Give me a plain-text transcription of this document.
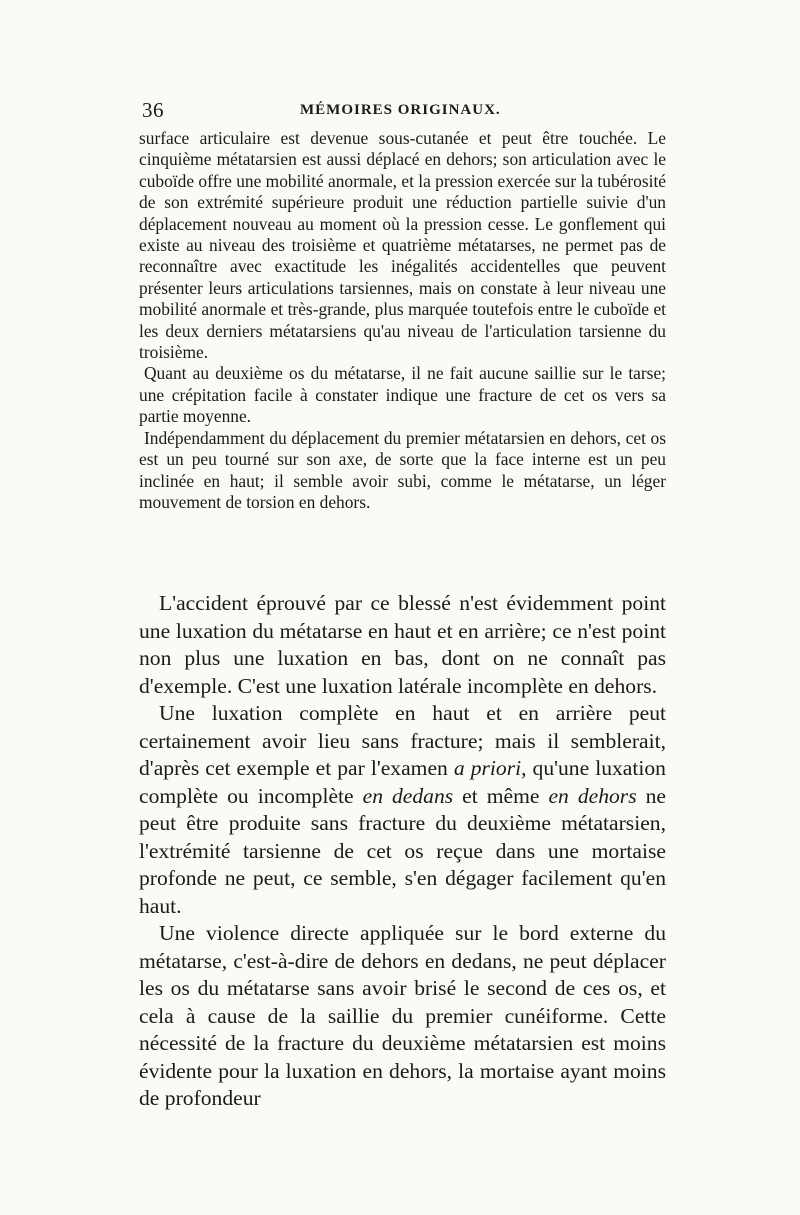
36	MÉMOIRES ORIGINAUX.

surface articulaire est devenue sous-cutanée et peut être touchée. Le cinquième métatarsien est aussi déplacé en dehors; son articulation avec le cuboïde offre une mobilité anormale, et la pression exercée sur la tubérosité de son extrémité supérieure produit une réduction partielle suivie d'un déplacement nouveau au moment où la pression cesse. Le gonflement qui existe au niveau des troisième et quatrième métatarses, ne permet pas de reconnaître avec exactitude les inégalités accidentelles que peuvent présenter leurs articulations tarsiennes, mais on constate à leur niveau une mobilité anormale et très-grande, plus marquée toutefois entre le cuboïde et les deux derniers métatarsiens qu'au niveau de l'articulation tarsienne du troisième.

Quant au deuxième os du métatarse, il ne fait aucune saillie sur le tarse; une crépitation facile à constater indique une fracture de cet os vers sa partie moyenne.

Indépendamment du déplacement du premier métatarsien en dehors, cet os est un peu tourné sur son axe, de sorte que la face interne est un peu inclinée en haut; il semble avoir subi, comme le métatarse, un léger mouvement de torsion en dehors.

L'accident éprouvé par ce blessé n'est évidemment point une luxation du métatarse en haut et en arrière; ce n'est point non plus une luxation en bas, dont on ne connaît pas d'exemple. C'est une luxation latérale incomplète en dehors.

Une luxation complète en haut et en arrière peut certainement avoir lieu sans fracture; mais il semblerait, d'après cet exemple et par l'examen a priori, qu'une luxation complète ou incomplète en dedans et même en dehors ne peut être produite sans fracture du deuxième métatarsien, l'extrémité tarsienne de cet os reçue dans une mortaise profonde ne peut, ce semble, s'en dégager facilement qu'en haut.

Une violence directe appliquée sur le bord externe du métatarse, c'est-à-dire de dehors en dedans, ne peut déplacer les os du métatarse sans avoir brisé le second de ces os, et cela à cause de la saillie du premier cunéiforme. Cette nécessité de la fracture du deuxième métatarsien est moins évidente pour la luxation en dehors, la mortaise ayant moins de profondeur
